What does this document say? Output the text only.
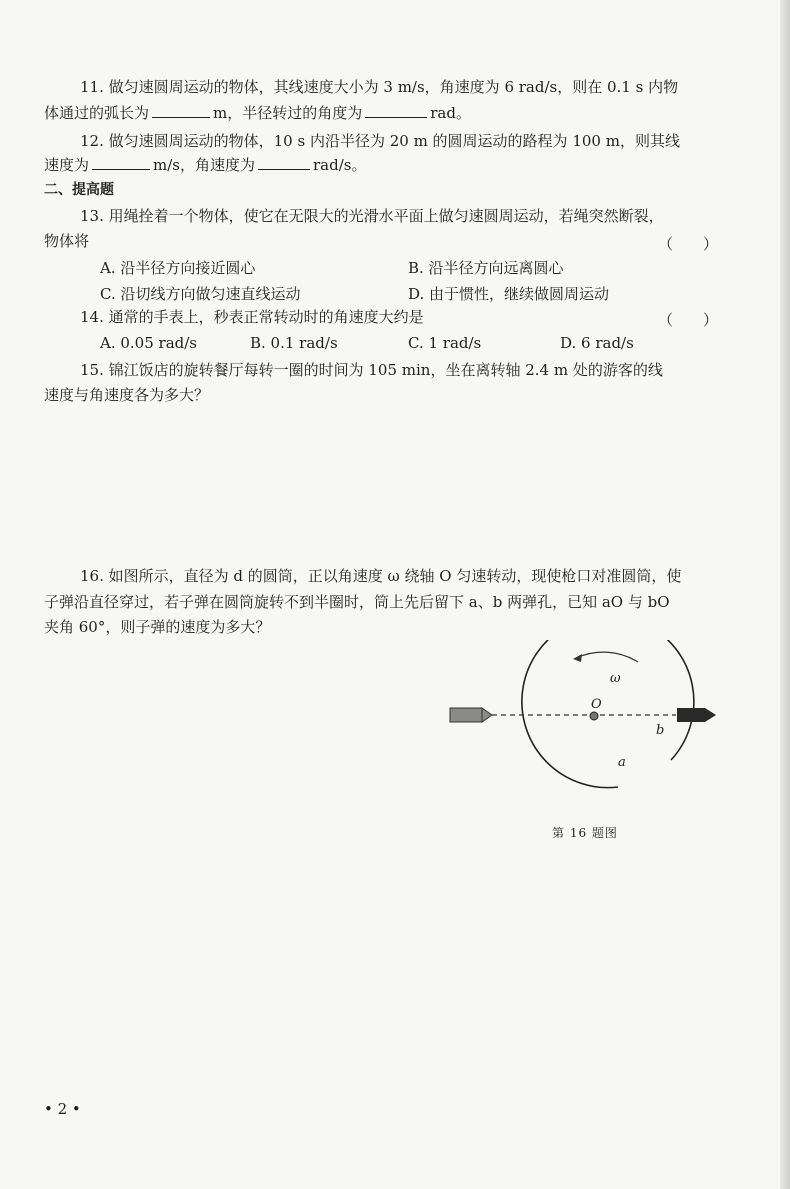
11. 做匀速圆周运动的物体，其线速度大小为 3 m/s，角速度为 6 rad/s，则在 0.1 s 内物
体通过的弧长为	m，半径转过的角度为	rad。
12. 做匀速圆周运动的物体，10 s 内沿半径为 20 m 的圆周运动的路程为 100 m，则其线
速度为	m/s，角速度为	rad/s。
二、提高题
13. 用绳拴着一个物体，使它在无限大的光滑水平面上做匀速圆周运动，若绳突然断裂，
物体将	（　　）
A. 沿半径方向接近圆心	B. 沿半径方向远离圆心
C. 沿切线方向做匀速直线运动	D. 由于惯性，继续做圆周运动
14. 通常的手表上，秒表正常转动时的角速度大约是	（　　）
A. 0.05 rad/s	B. 0.1 rad/s	C. 1 rad/s	D. 6 rad/s
15. 锦江饭店的旋转餐厅每转一圈的时间为 105 min，坐在离转轴 2.4 m 处的游客的线
速度与角速度各为多大？
16. 如图所示，直径为 d 的圆筒，正以角速度 ω 绕轴 O 匀速转动，现使枪口对准圆筒，使
子弹沿直径穿过，若子弹在圆筒旋转不到半圈时，筒上先后留下 a、b 两弹孔，已知 aO 与 bO
夹角 60°，则子弹的速度为多大？
O
ω
b
a
第 16 题图
• 2 •
